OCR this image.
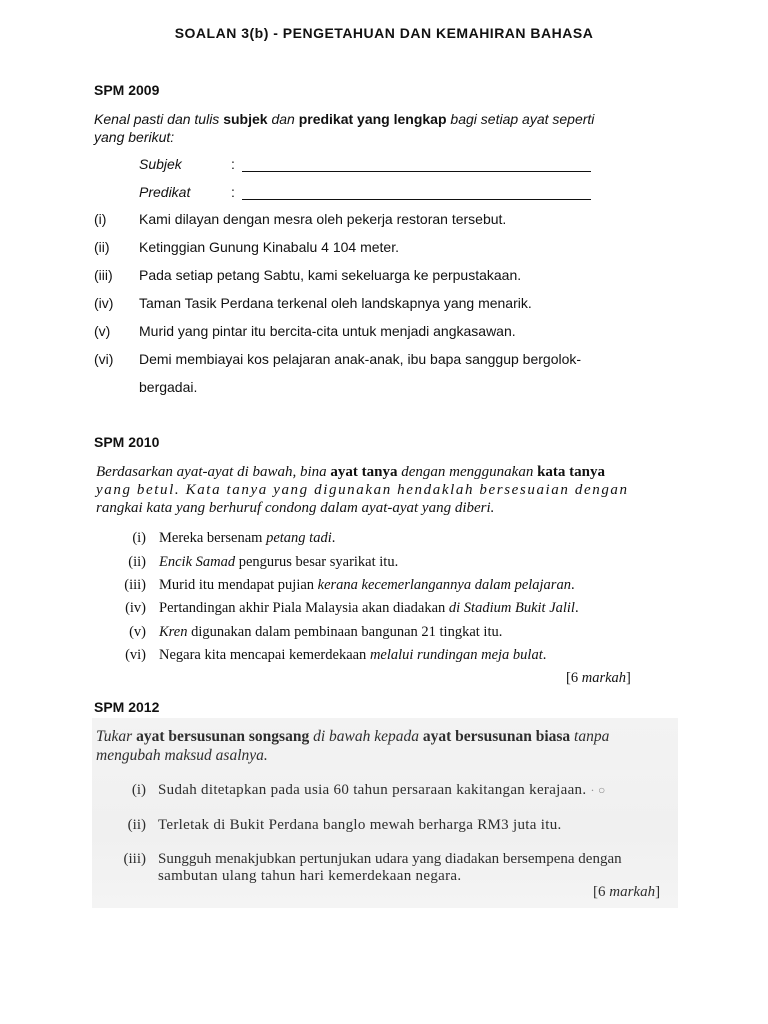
SOALAN 3(b) - PENGETAHUAN DAN KEMAHIRAN BAHASA
SPM 2009
Kenal pasti dan tulis subjek dan predikat yang lengkap bagi setiap ayat seperti
yang berikut:
Subjek	:
Predikat	:
(i) Kami dilayan dengan mesra oleh pekerja restoran tersebut.
(ii) Ketinggian Gunung Kinabalu 4 104 meter.
(iii) Pada setiap petang Sabtu, kami sekeluarga ke perpustakaan.
(iv) Taman Tasik Perdana terkenal oleh landskapnya yang menarik.
(v) Murid yang pintar itu bercita-cita untuk menjadi angkasawan.
(vi) Demi membiayai kos pelajaran anak-anak, ibu bapa sanggup bergolok-
bergadai.
SPM 2010
Berdasarkan ayat-ayat di bawah, bina ayat tanya dengan menggunakan kata tanya
yang betul. Kata tanya yang digunakan hendaklah bersesuaian dengan
rangkai kata yang berhuruf condong dalam ayat-ayat yang diberi.
(i) Mereka bersenam petang tadi.
(ii) Encik Samad pengurus besar syarikat itu.
(iii) Murid itu mendapat pujian kerana kecemerlangannya dalam pelajaran.
(iv) Pertandingan akhir Piala Malaysia akan diadakan di Stadium Bukit Jalil.
(v) Kren digunakan dalam pembinaan bangunan 21 tingkat itu.
(vi) Negara kita mencapai kemerdekaan melalui rundingan meja bulat.
[6 markah]
SPM 2012
Tukar ayat bersusunan songsang di bawah kepada ayat bersusunan biasa tanpa
mengubah maksud asalnya.
(i) Sudah ditetapkan pada usia 60 tahun persaraan kakitangan kerajaan. · ○
(ii) Terletak di Bukit Perdana banglo mewah berharga RM3 juta itu.
(iii) Sungguh menakjubkan pertunjukan udara yang diadakan bersempena dengan
sambutan ulang tahun hari kemerdekaan negara.
[6 markah]
